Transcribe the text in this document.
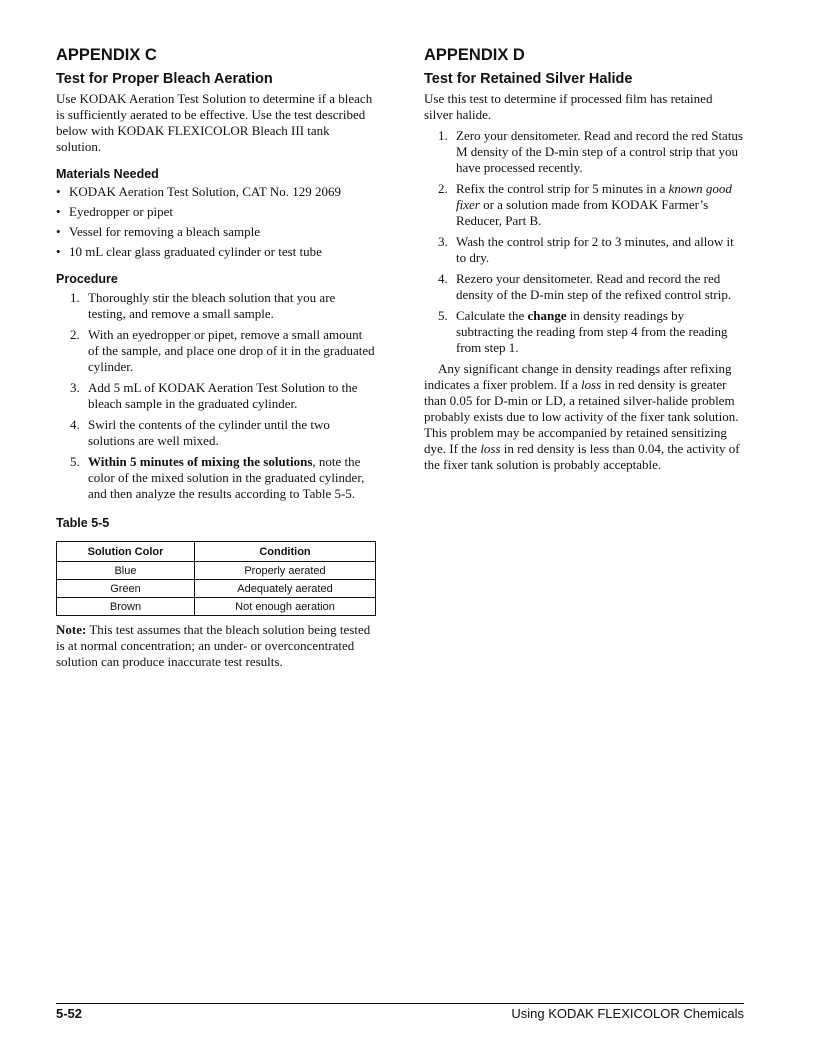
APPENDIX C
Test for Proper Bleach Aeration

Use KODAK Aeration Test Solution to determine if a bleach is sufficiently aerated to be effective. Use the test described below with KODAK FLEXICOLOR Bleach III tank solution.

Materials Needed
• KODAK Aeration Test Solution, CAT No. 129 2069
• Eyedropper or pipet
• Vessel for removing a bleach sample
• 10 mL clear glass graduated cylinder or test tube
Procedure
1. Thoroughly stir the bleach solution that you are testing, and remove a small sample.
2. With an eyedropper or pipet, remove a small amount of the sample, and place one drop of it in the graduated cylinder.
3. Add 5 mL of KODAK Aeration Test Solution to the bleach sample in the graduated cylinder.
4. Swirl the contents of the cylinder until the two solutions are well mixed.
5. Within 5 minutes of mixing the solutions, note the color of the mixed solution in the graduated cylinder, and then analyze the results according to Table 5-5.
Table 5-5
Solution Color	Condition
Blue	Properly aerated
Green	Adequately aerated
Brown	Not enough aeration

Note: This test assumes that the bleach solution being tested is at normal concentration; an under- or overconcentrated solution can produce inaccurate test results.

APPENDIX D
Test for Retained Silver Halide

Use this test to determine if processed film has retained silver halide.

1. Zero your densitometer. Read and record the red Status M density of the D-min step of a control strip that you have processed recently.
2. Refix the control strip for 5 minutes in a known good fixer or a solution made from KODAK Farmer’s Reducer, Part B.
3. Wash the control strip for 2 to 3 minutes, and allow it to dry.
4. Rezero your densitometer. Read and record the red density of the D-min step of the refixed control strip.
5. Calculate the change in density readings by subtracting the reading from step 4 from the reading from step 1.

Any significant change in density readings after refixing indicates a fixer problem. If a loss in red density is greater than 0.05 for D-min or LD, a retained silver-halide problem probably exists due to low activity of the fixer tank solution. This problem may be accompanied by retained sensitizing dye. If the loss in red density is less than 0.04, the activity of the fixer tank solution is probably acceptable.

5-52	Using KODAK FLEXICOLOR Chemicals
